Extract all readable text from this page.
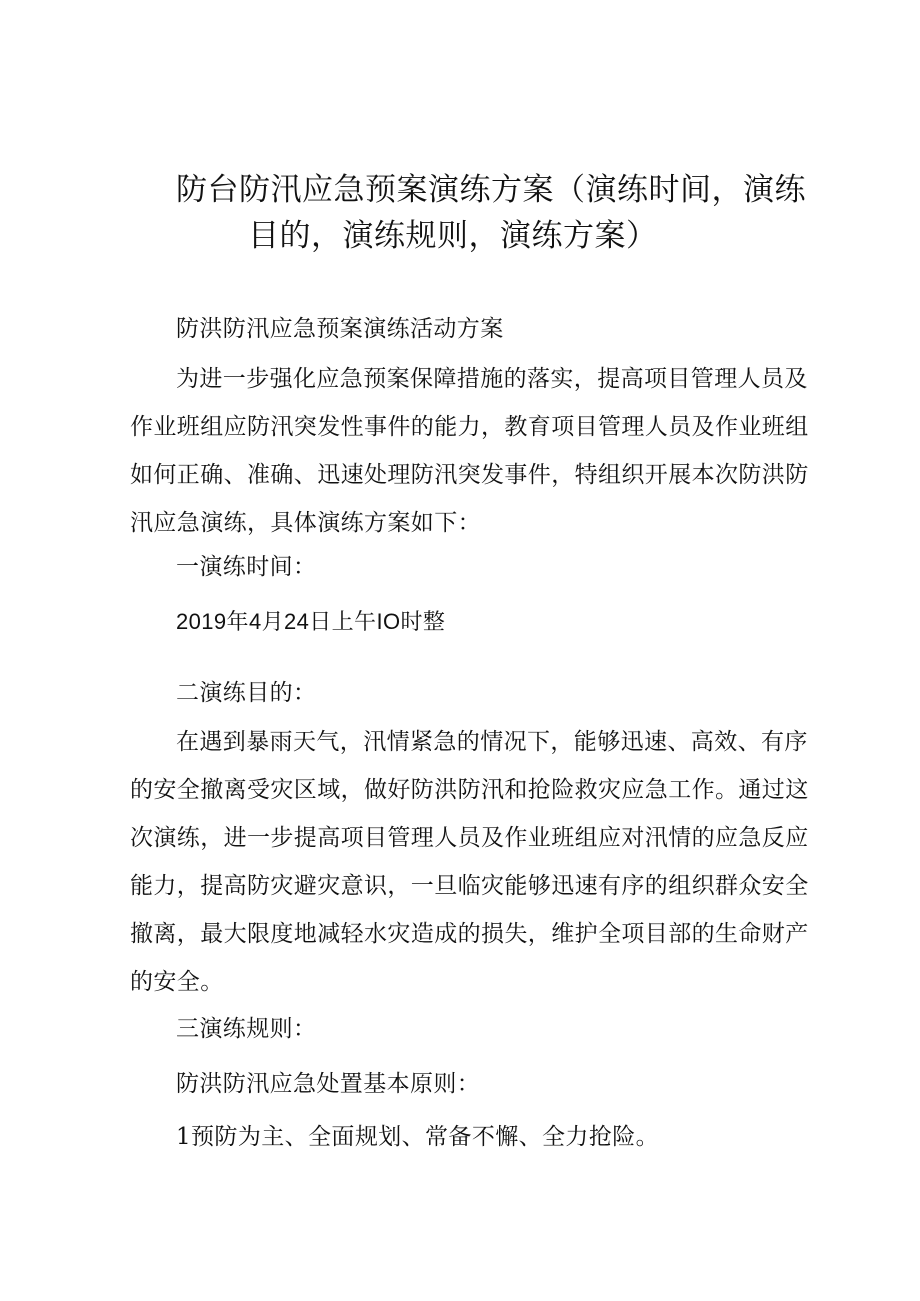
防台防汛应急预案演练方案（演练时间，演练
目的，演练规则，演练方案）

防洪防汛应急预案演练活动方案

为进一步强化应急预案保障措施的落实，提高项目管理人员及作业班组应防汛突发性事件的能力，教育项目管理人员及作业班组如何正确、准确、迅速处理防汛突发事件，特组织开展本次防洪防汛应急演练，具体演练方案如下：

一演练时间：

2019年4月24日上午IO时整

二演练目的：

在遇到暴雨天气，汛情紧急的情况下，能够迅速、高效、有序的安全撤离受灾区域，做好防洪防汛和抢险救灾应急工作。通过这次演练，进一步提高项目管理人员及作业班组应对汛情的应急反应能力，提高防灾避灾意识，一旦临灾能够迅速有序的组织群众安全撤离，最大限度地减轻水灾造成的损失，维护全项目部的生命财产的安全。

三演练规则：

防洪防汛应急处置基本原则：

1预防为主、全面规划、常备不懈、全力抢险。
